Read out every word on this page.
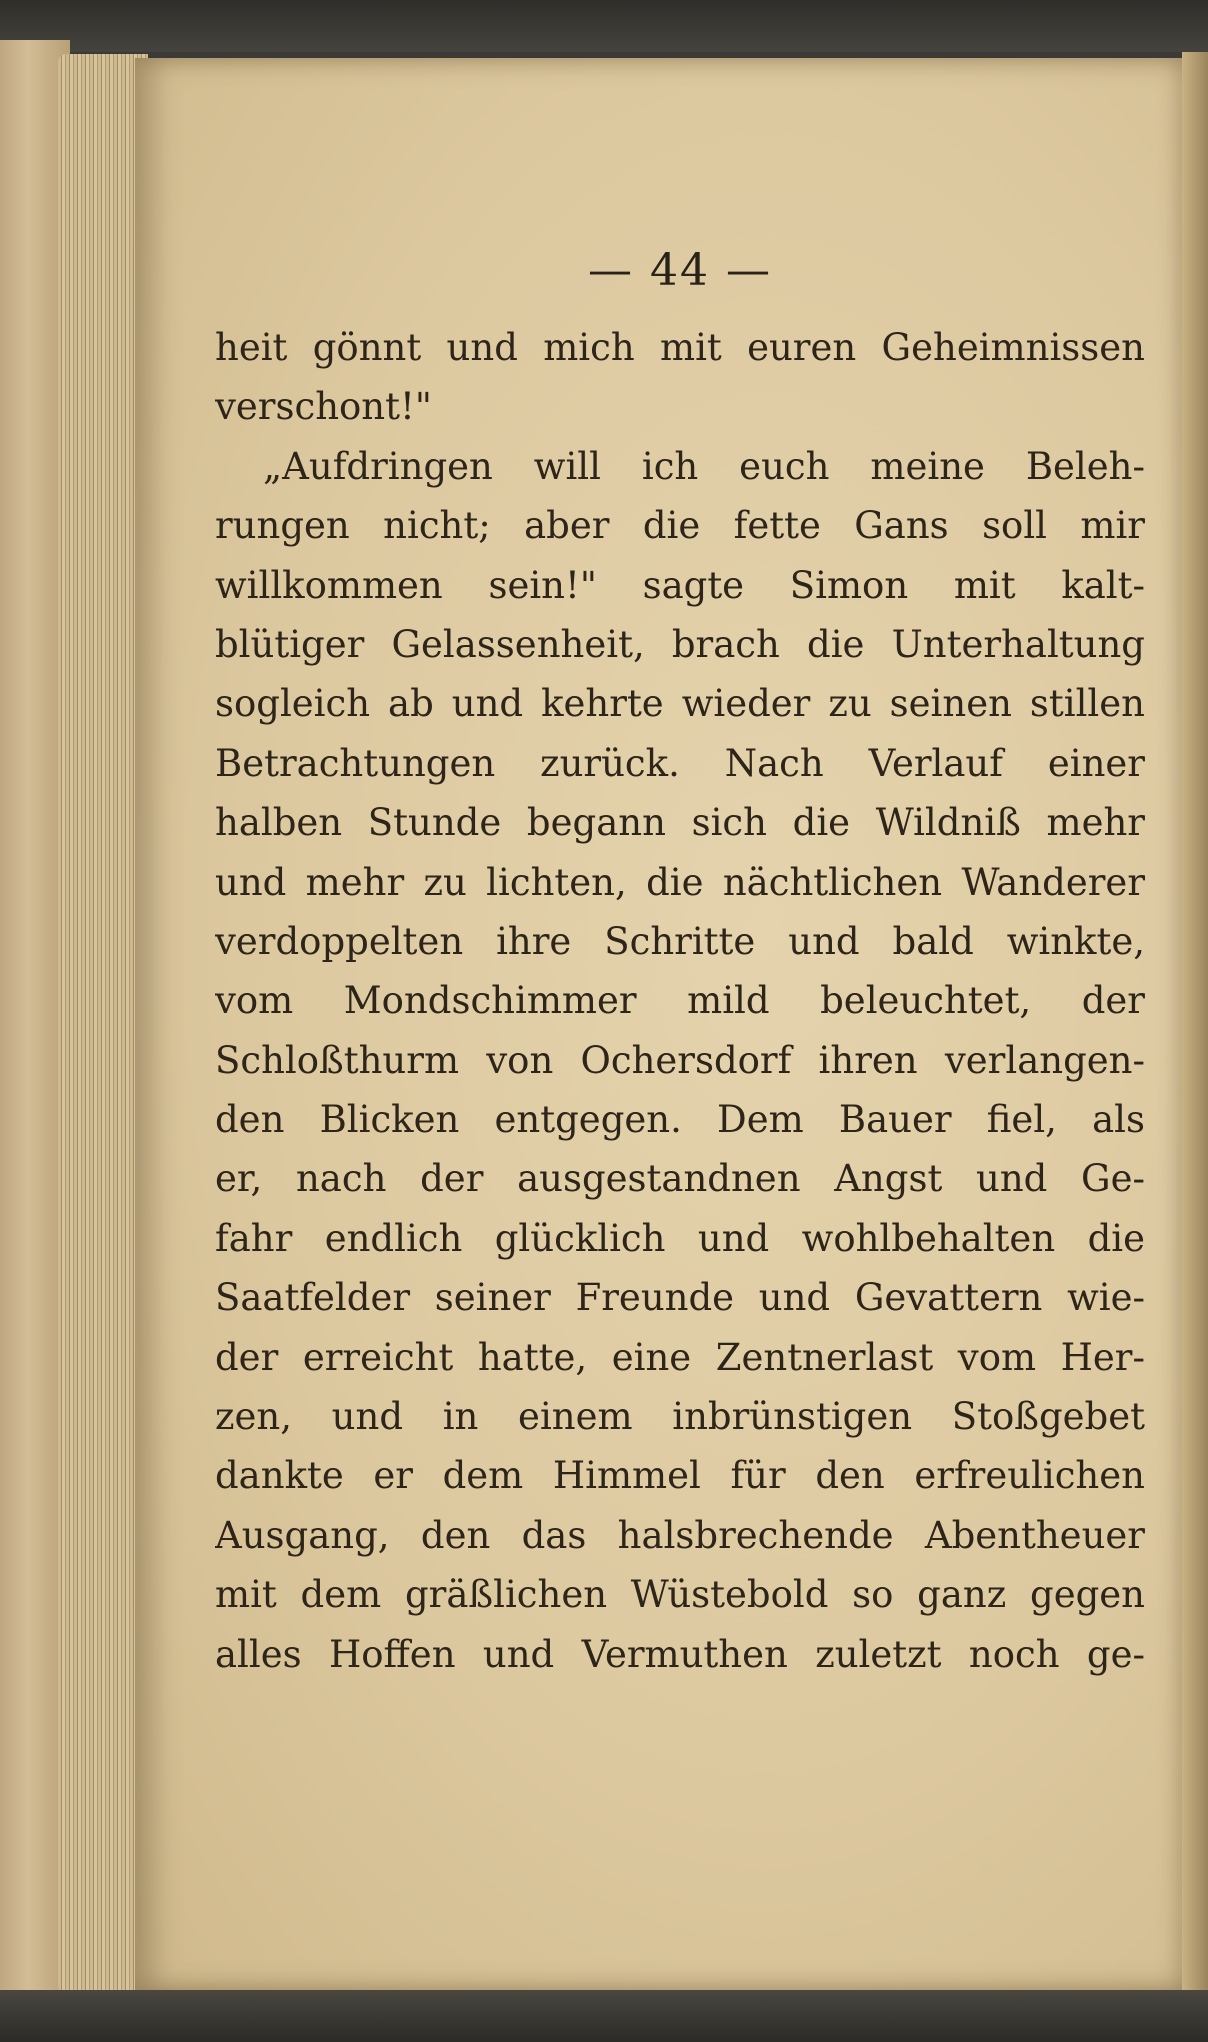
— 44 —
heit gönnt und mich mit euren Geheimnissen
verschont!"
„Aufdringen will ich euch meine Beleh-
rungen nicht; aber die fette Gans soll mir
willkommen sein!" sagte Simon mit kalt-
blütiger Gelassenheit, brach die Unterhaltung
sogleich ab und kehrte wieder zu seinen stillen
Betrachtungen zurück. Nach Verlauf einer
halben Stunde begann sich die Wildniß mehr
und mehr zu lichten, die nächtlichen Wanderer
verdoppelten ihre Schritte und bald winkte,
vom Mondschimmer mild beleuchtet, der
Schloßthurm von Ochersdorf ihren verlangen-
den Blicken entgegen. Dem Bauer fiel, als
er, nach der ausgestandnen Angst und Ge-
fahr endlich glücklich und wohlbehalten die
Saatfelder seiner Freunde und Gevattern wie-
der erreicht hatte, eine Zentnerlast vom Her-
zen, und in einem inbrünstigen Stoßgebet
dankte er dem Himmel für den erfreulichen
Ausgang, den das halsbrechende Abentheuer
mit dem gräßlichen Wüstebold so ganz gegen
alles Hoffen und Vermuthen zuletzt noch ge-
